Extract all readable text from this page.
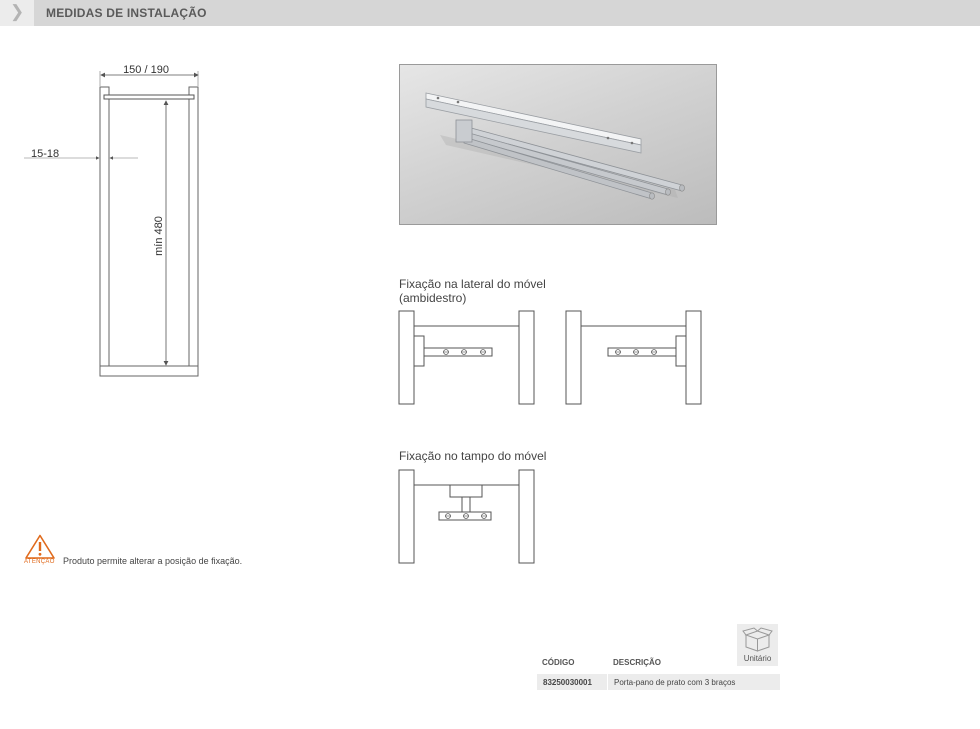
❯ MEDIDAS DE INSTALAÇÃO
150 / 190
mín 480
15-18
Fixação na lateral do móvel
(ambidestro)
Fixação no tampo do móvel
ATENÇÃO Produto permite alterar a posição de fixação.
CÓDIGO	DESCRIÇÃO	Unitário
83250030001	Porta-pano de prato com 3 braços
